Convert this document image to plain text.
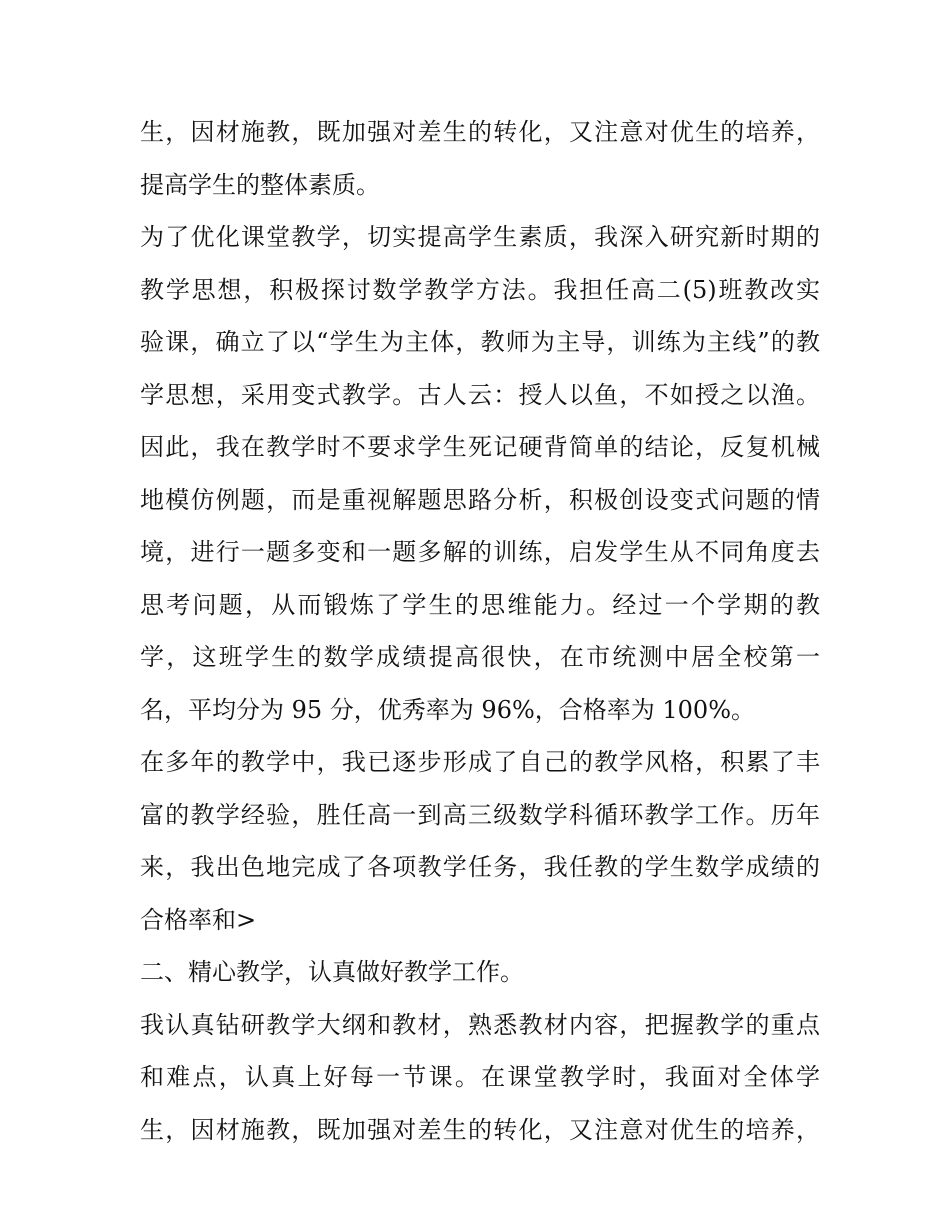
生，因材施教，既加强对差生的转化，又注意对优生的培养，
提高学生的整体素质。
为了优化课堂教学，切实提高学生素质，我深入研究新时期的
教学思想，积极探讨数学教学方法。我担任高二(5)班教改实
验课，确立了以“学生为主体，教师为主导，训练为主线”的教
学思想，采用变式教学。古人云：授人以鱼，不如授之以渔。
因此，我在教学时不要求学生死记硬背简单的结论，反复机械
地模仿例题，而是重视解题思路分析，积极创设变式问题的情
境，进行一题多变和一题多解的训练，启发学生从不同角度去
思考问题，从而锻炼了学生的思维能力。经过一个学期的教
学，这班学生的数学成绩提高很快，在市统测中居全校第一
名，平均分为 95 分，优秀率为 96%，合格率为 100%。
在多年的教学中，我已逐步形成了自己的教学风格，积累了丰
富的教学经验，胜任高一到高三级数学科循环教学工作。历年
来，我出色地完成了各项教学任务，我任教的学生数学成绩的
合格率和>
二、精心教学，认真做好教学工作。
我认真钻研教学大纲和教材，熟悉教材内容，把握教学的重点
和难点，认真上好每一节课。在课堂教学时，我面对全体学
生，因材施教，既加强对差生的转化，又注意对优生的培养，
